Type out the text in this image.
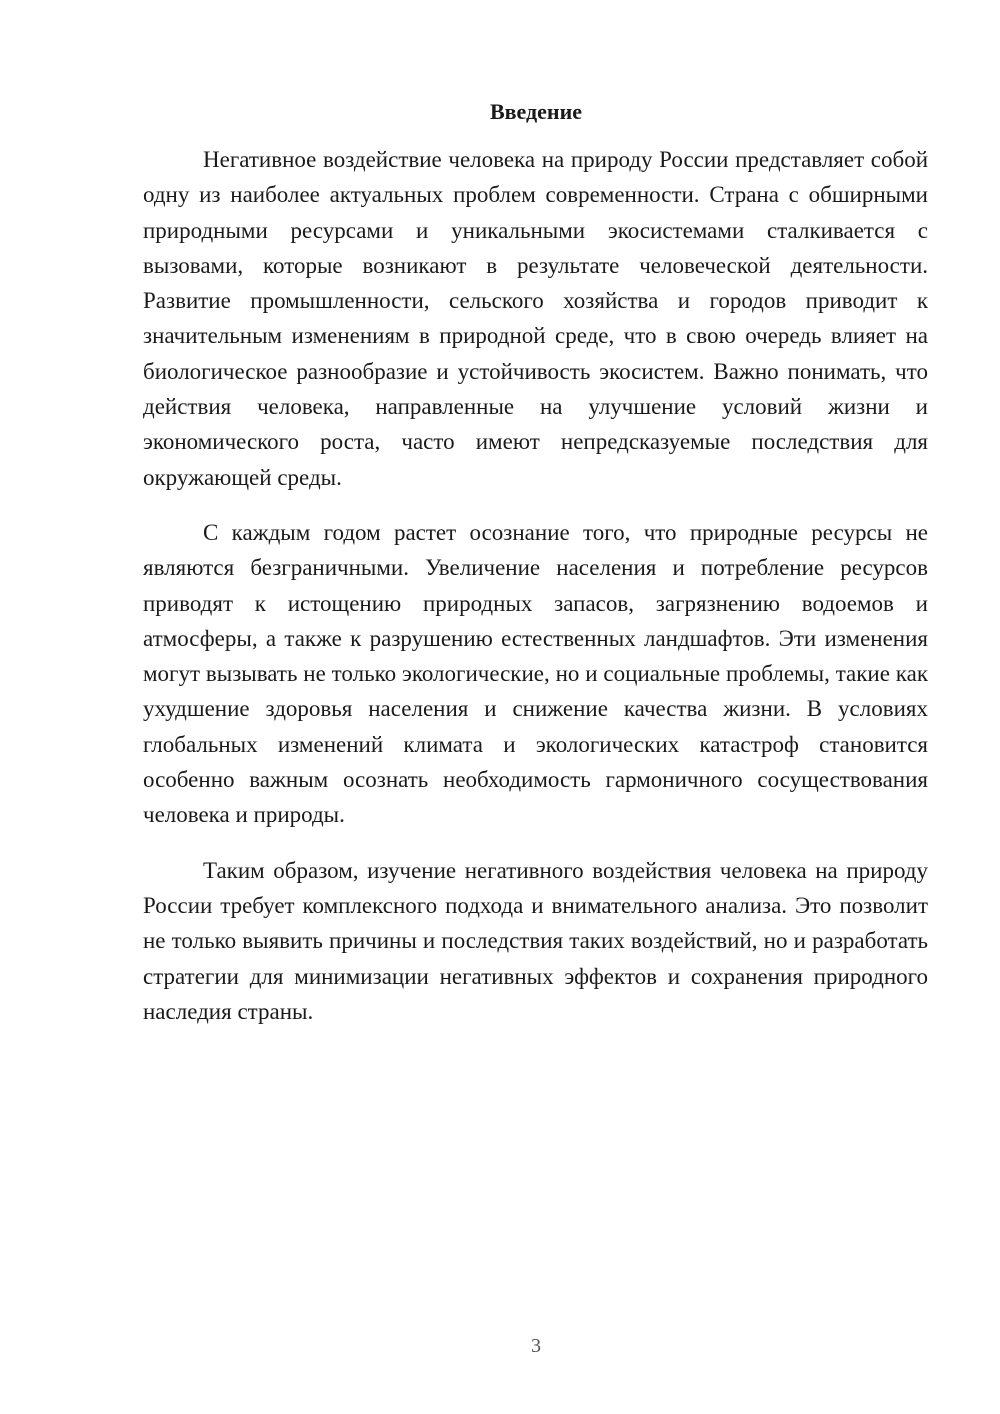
Введение

Негативное воздействие человека на природу России представляет собой одну из наиболее актуальных проблем современности. Страна с обширными природными ресурсами и уникальными экосистемами сталкивается с вызовами, которые возникают в результате человеческой деятельности. Развитие промышленности, сельского хозяйства и городов приводит к значительным изменениям в природной среде, что в свою очередь влияет на биологическое разнообразие и устойчивость экосистем. Важно понимать, что действия человека, направленные на улучшение условий жизни и экономического роста, часто имеют непредсказуемые последствия для окружающей среды.

С каждым годом растет осознание того, что природные ресурсы не являются безграничными. Увеличение населения и потребление ресурсов приводят к истощению природных запасов, загрязнению водоемов и атмосферы, а также к разрушению естественных ландшафтов. Эти изменения могут вызывать не только экологические, но и социальные проблемы, такие как ухудшение здоровья населения и снижение качества жизни. В условиях глобальных изменений климата и экологических катастроф становится особенно важным осознать необходимость гармоничного сосуществования человека и природы.

Таким образом, изучение негативного воздействия человека на природу России требует комплексного подхода и внимательного анализа. Это позволит не только выявить причины и последствия таких воздействий, но и разработать стратегии для минимизации негативных эффектов и сохранения природного наследия страны.

3
